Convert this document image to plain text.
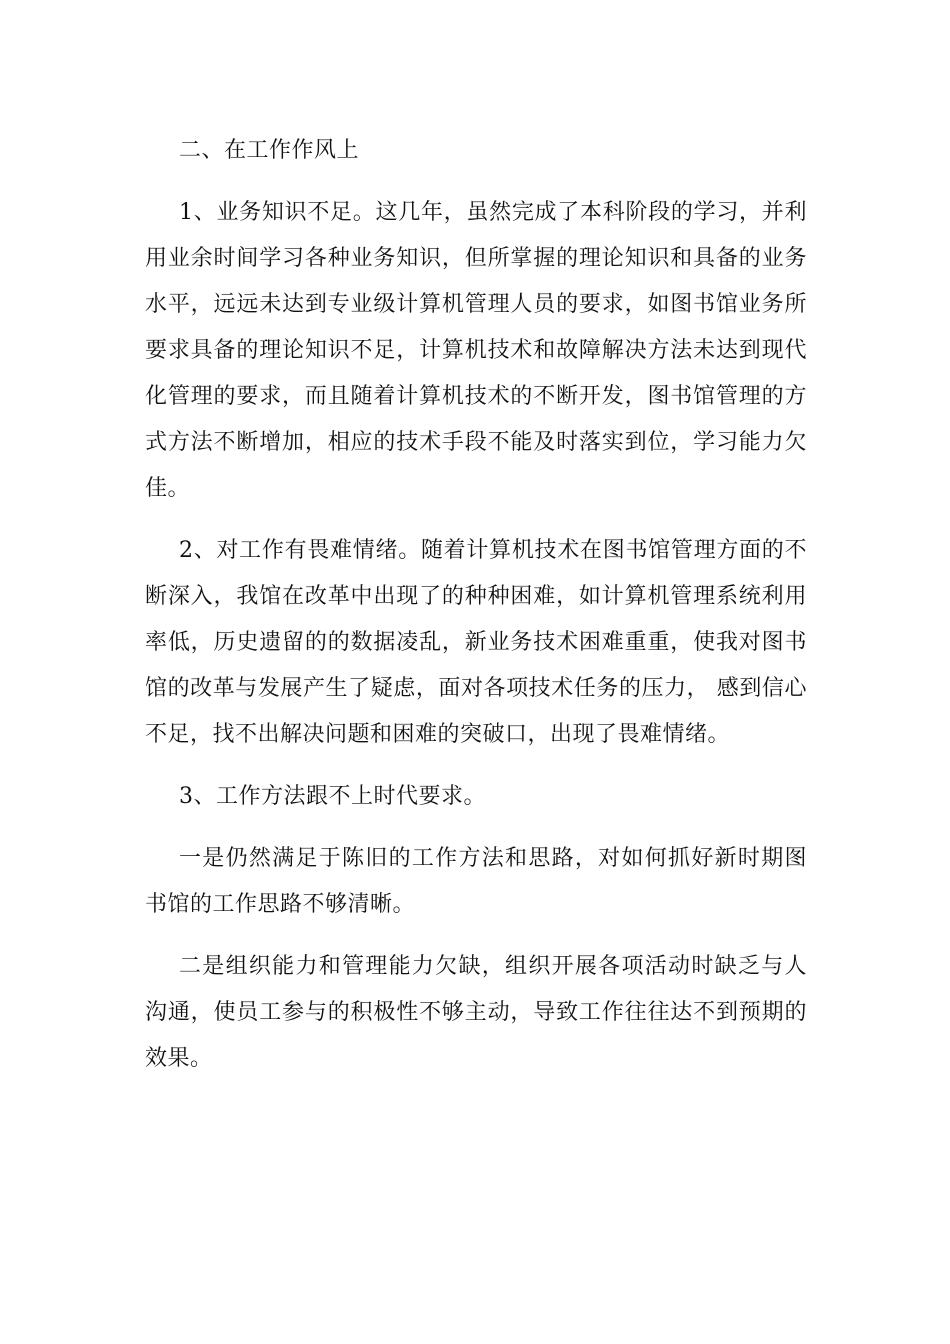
二、在工作作风上

1、业务知识不足。这几年，虽然完成了本科阶段的学习，并利用业余时间学习各种业务知识，但所掌握的理论知识和具备的业务水平，远远未达到专业级计算机管理人员的要求，如图书馆业务所要求具备的理论知识不足，计算机技术和故障解决方法未达到现代化管理的要求，而且随着计算机技术的不断开发，图书馆管理的方式方法不断增加，相应的技术手段不能及时落实到位，学习能力欠佳。

2、对工作有畏难情绪。随着计算机技术在图书馆管理方面的不断深入，我馆在改革中出现了的种种困难，如计算机管理系统利用率低，历史遗留的的数据凌乱，新业务技术困难重重，使我对图书馆的改革与发展产生了疑虑，面对各项技术任务的压力， 感到信心不足，找不出解决问题和困难的突破口，出现了畏难情绪。

3、工作方法跟不上时代要求。

一是仍然满足于陈旧的工作方法和思路，对如何抓好新时期图书馆的工作思路不够清晰。

二是组织能力和管理能力欠缺，组织开展各项活动时缺乏与人沟通，使员工参与的积极性不够主动，导致工作往往达不到预期的效果。
